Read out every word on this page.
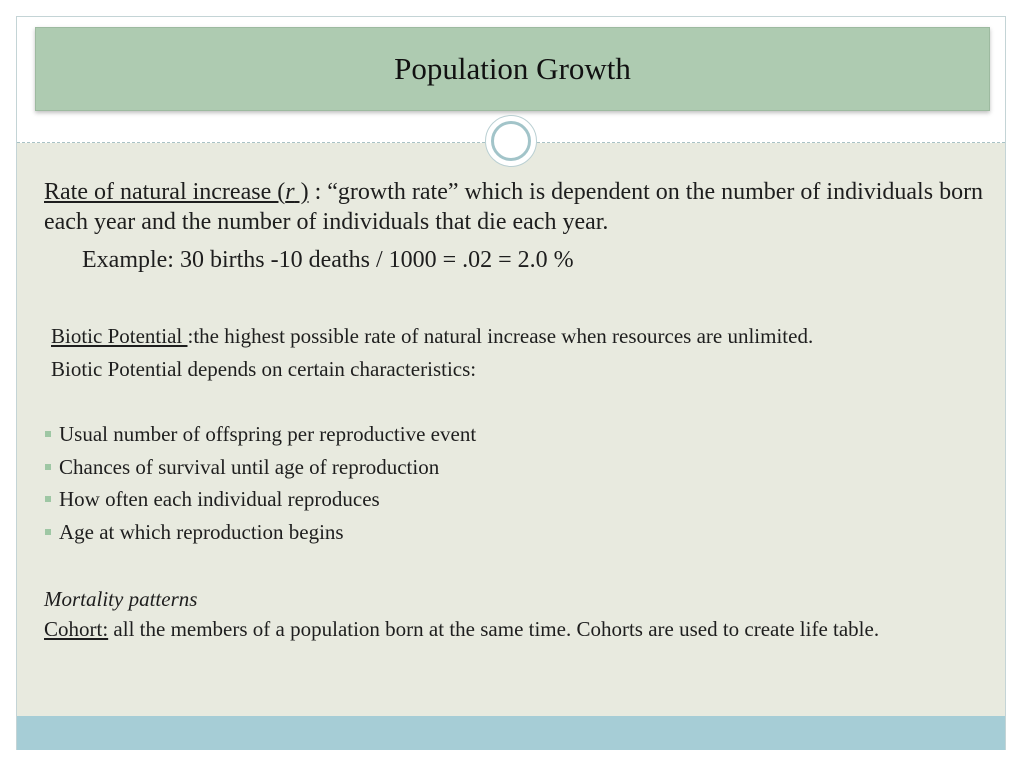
Population Growth

Rate of natural increase (r ) : “growth rate” which is dependent on the number of individuals born each year and the number of individuals that die each year.

Example: 30 births -10 deaths / 1000 = .02 = 2.0 %

Biotic Potential :the highest possible rate of natural increase when resources are unlimited.

Biotic Potential depends on certain characteristics:

Usual number of offspring per reproductive event
Chances of survival until age of reproduction
How often each individual reproduces
Age at which reproduction begins

Mortality patterns

Cohort: all the members of a population born at the same time. Cohorts are used to create life table.
